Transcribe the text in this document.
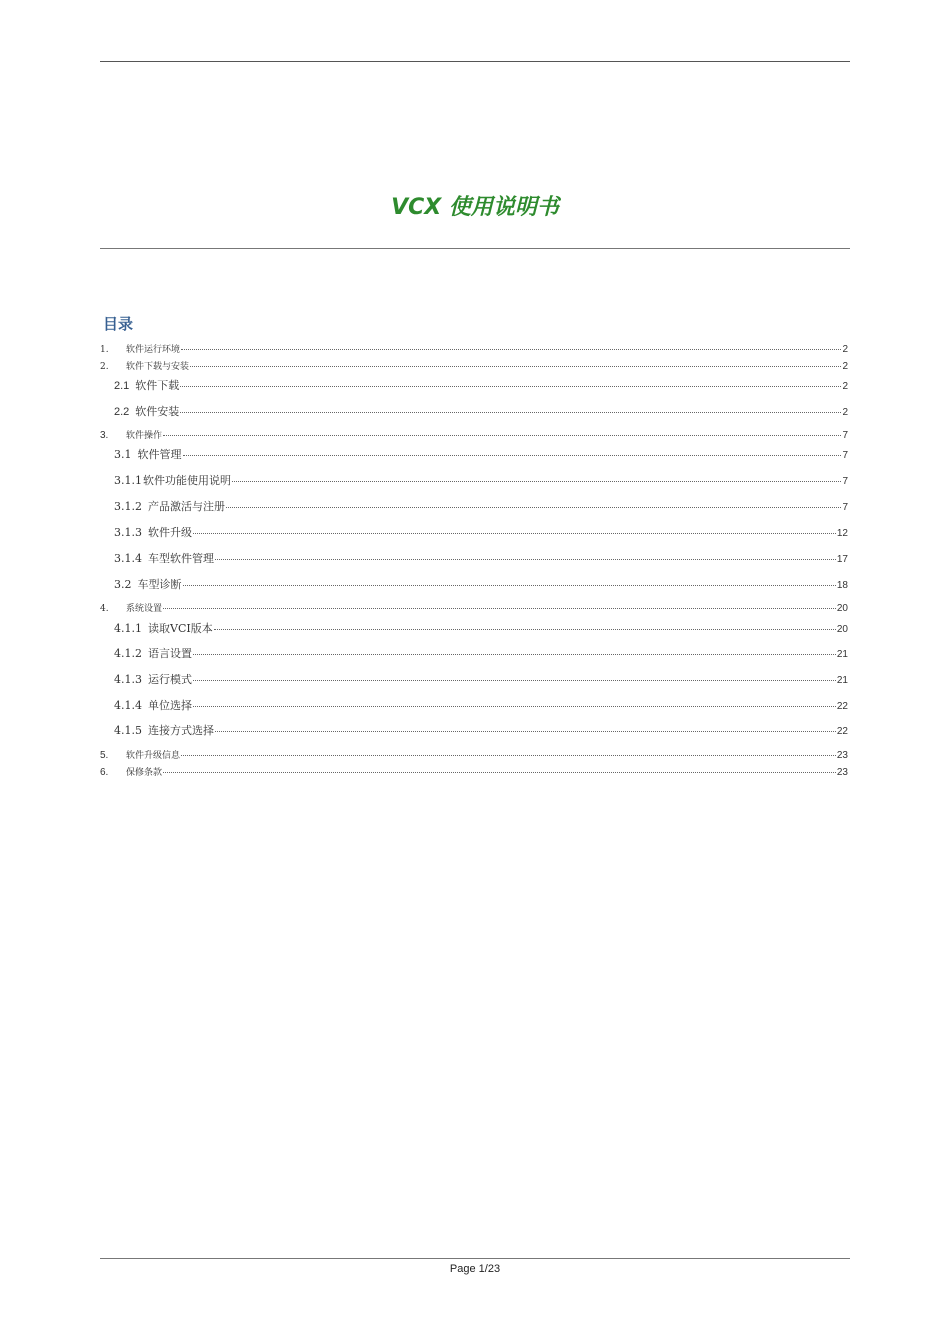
VCX 使用说明书
目录
1.	软件运行环境	2
2.	软件下载与安装	2
2.1 软件下载	2
2.2 软件安装	2
3.	软件操作	7
3.1 软件管理	7
3.1.1 软件功能使用说明	7
3.1.2 产品激活与注册	7
3.1.3 软件升级	12
3.1.4 车型软件管理	17
3.2 车型诊断	18
4.	系统设置	20
4.1.1 读取VCI版本	20
4.1.2 语言设置	21
4.1.3 运行模式	21
4.1.4 单位选择	22
4.1.5 连接方式选择	22
5.	软件升级信息	23
6.	保修条款	23
Page 1/23
